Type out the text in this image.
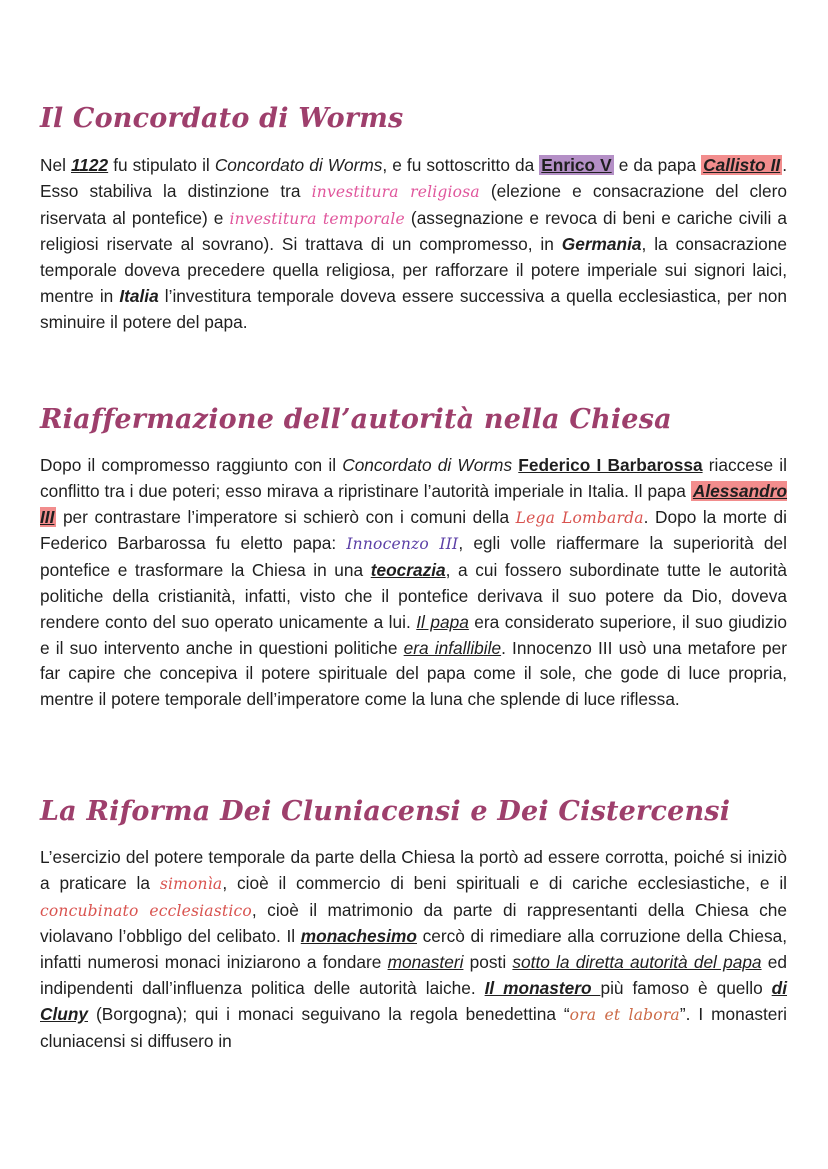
Il Concordato di Worms

Nel 1122 fu stipulato il Concordato di Worms, e fu sottoscritto da Enrico V e da papa Callisto II . Esso stabiliva la distinzione tra investitura religiosa (elezione e consacrazione del clero riservata al pontefice) e investitura temporale (assegnazione e revoca di beni e cariche civili a religiosi riservate al sovrano). Si trattava di un compromesso, in Germania, la consacrazione temporale doveva precedere quella religiosa, per rafforzare il potere imperiale sui signori laici, mentre in Italia l’investitura temporale doveva essere successiva a quella ecclesiastica, per non sminuire il potere del papa.

Riaffermazione dell’autorità nella Chiesa

Dopo il compromesso raggiunto con il Concordato di Worms Federico I Barbarossa riaccese il conflitto tra i due poteri; esso mirava a ripristinare l’autorità imperiale in Italia. Il papa Alessandro III per contrastare l’imperatore si schierò con i comuni della Lega Lombarda. Dopo la morte di Federico Barbarossa fu eletto papa: Innocenzo III, egli volle riaffermare la superiorità del pontefice e trasformare la Chiesa in una teocrazia, a cui fossero subordinate tutte le autorità politiche della cristianità, infatti, visto che il pontefice derivava il suo potere da Dio, doveva rendere conto del suo operato unicamente a lui. Il papa era considerato superiore, il suo giudizio e il suo intervento anche in questioni politiche era infallibile. Innocenzo III usò una metafore per far capire che concepiva il potere spirituale del papa come il sole, che gode di luce propria, mentre il potere temporale dell’imperatore come la luna che splende di luce riflessa.

La Riforma Dei Cluniacensi e Dei Cistercensi

L’esercizio del potere temporale da parte della Chiesa la portò ad essere corrotta, poiché si iniziò a praticare la simonìa, cioè il commercio di beni spirituali e di cariche ecclesiastiche, e il concubinato ecclesiastico, cioè il matrimonio da parte di rappresentanti della Chiesa che violavano l’obbligo del celibato. Il monachesimo cercò di rimediare alla corruzione della Chiesa, infatti numerosi monaci iniziarono a fondare monasteri posti sotto la diretta autorità del papa ed indipendenti dall’influenza politica delle autorità laiche. Il monastero più famoso è quello di Cluny (Borgogna); qui i monaci seguivano la regola benedettina “ora et labora”. I monasteri cluniacensi si diffusero in
